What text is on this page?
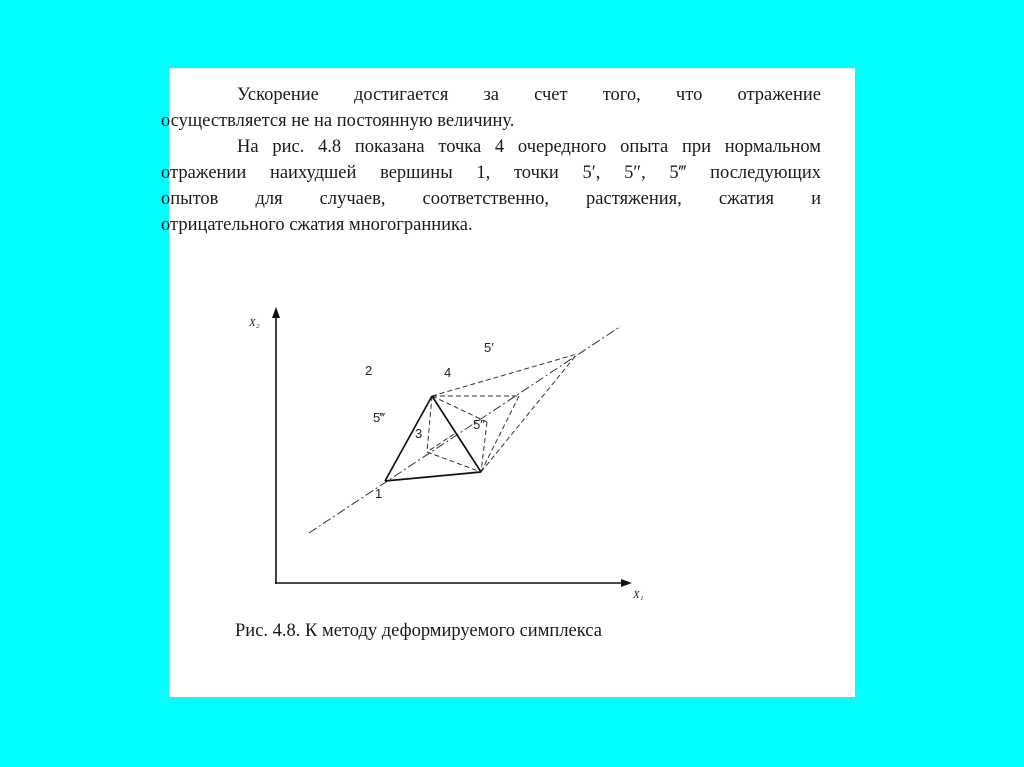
Ускорение достигается за счет того, что отражение
осуществляется не на постоянную величину.

На рис. 4.8 показана точка 4 очередного опыта при нормальном
отражении наихудшей вершины 1, точки 5′, 5″, 5‴ последующих
опытов для случаев, соответственно, растяжения, сжатия и
отрицательного сжатия многогранника.

X₂
X₁
1
2
3
4
5′
5″
5‴
Рис. 4.8. К методу деформируемого симплекса
